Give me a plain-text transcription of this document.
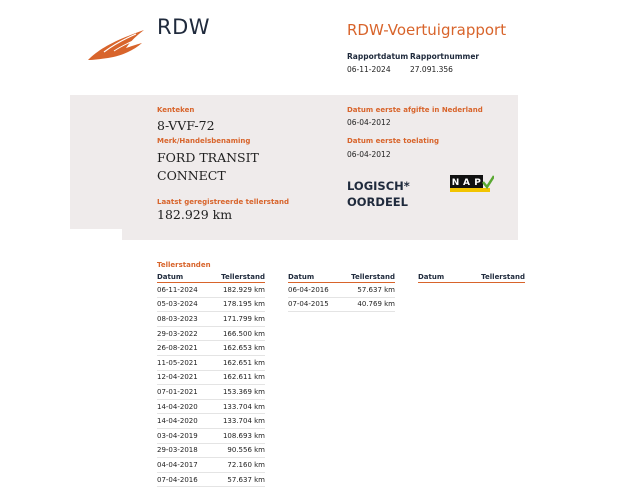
RDW	RDW-Voertuigrapport
Rapportdatum
06-11-2024
Rapportnummer
27.091.356
Kenteken
8-VVF-72
Merk/Handelsbenaming
FORD TRANSIT
CONNECT
Laatst geregistreerde tellerstand
182.929 km
Datum eerste afgifte in Nederland
06-04-2012
Datum eerste toelating
06-04-2012
LOGISCH*
OORDEEL
N A P
Tellerstanden
Datum	Tellerstand
06-11-2024	182.929 km
05-03-2024	178.195 km
08-03-2023	171.799 km
29-03-2022	166.500 km
26-08-2021	162.653 km
11-05-2021	162.651 km
12-04-2021	162.611 km
07-01-2021	153.369 km
14-04-2020	133.704 km
14-04-2020	133.704 km
03-04-2019	108.693 km
29-03-2018	90.556 km
04-04-2017	72.160 km
07-04-2016	57.637 km
Datum	Tellerstand
06-04-2016	57.637 km
07-04-2015	40.769 km
Datum	Tellerstand
